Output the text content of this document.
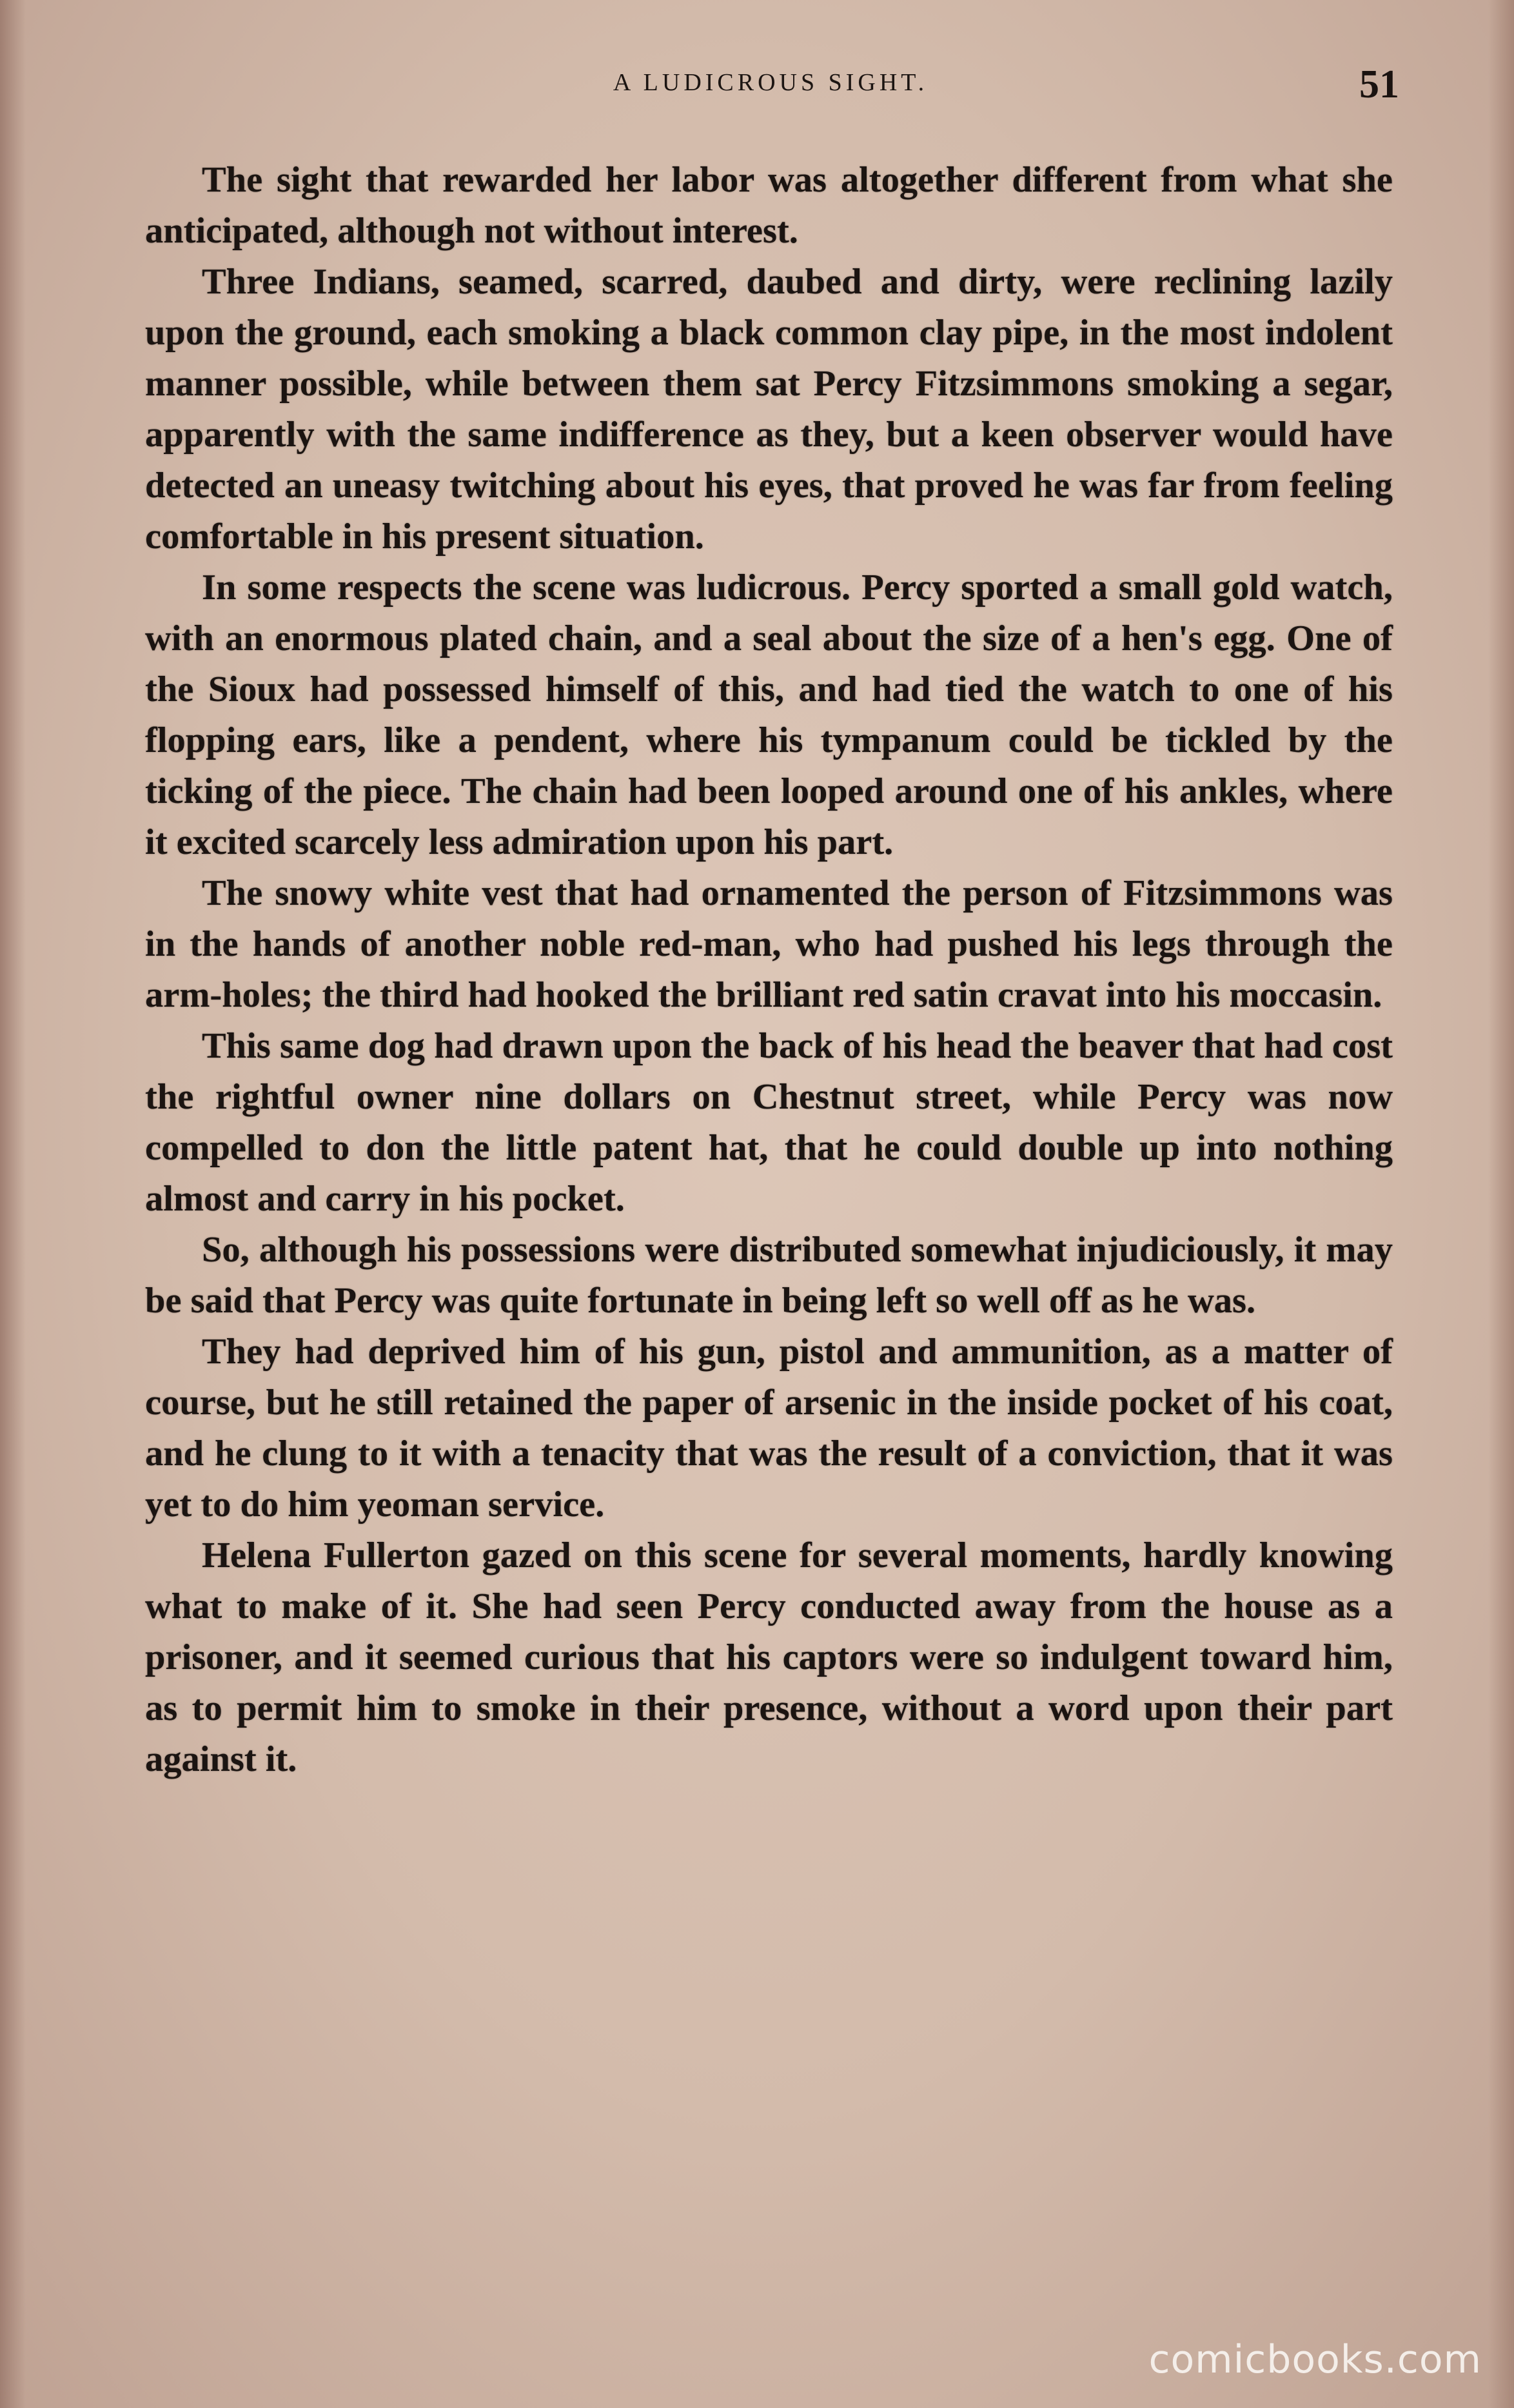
A LUDICROUS SIGHT.	51

The sight that rewarded her labor was altogether different from what she anticipated, although not without interest.

Three Indians, seamed, scarred, daubed and dirty, were reclining lazily upon the ground, each smoking a black common clay pipe, in the most indolent manner possible, while between them sat Percy Fitzsimmons smoking a segar, apparently with the same indifference as they, but a keen observer would have detected an uneasy twitching about his eyes, that proved he was far from feeling comfortable in his present situation.

In some respects the scene was ludicrous. Percy sported a small gold watch, with an enormous plated chain, and a seal about the size of a hen's egg. One of the Sioux had possessed himself of this, and had tied the watch to one of his flopping ears, like a pendent, where his tympanum could be tickled by the ticking of the piece. The chain had been looped around one of his ankles, where it excited scarcely less admiration upon his part.

The snowy white vest that had ornamented the person of Fitzsimmons was in the hands of another noble red-man, who had pushed his legs through the arm-holes; the third had hooked the brilliant red satin cravat into his moccasin.

This same dog had drawn upon the back of his head the beaver that had cost the rightful owner nine dollars on Chestnut street, while Percy was now compelled to don the little patent hat, that he could double up into nothing almost and carry in his pocket.

So, although his possessions were distributed somewhat injudiciously, it may be said that Percy was quite fortunate in being left so well off as he was.

They had deprived him of his gun, pistol and ammunition, as a matter of course, but he still retained the paper of arsenic in the inside pocket of his coat, and he clung to it with a tenacity that was the result of a conviction, that it was yet to do him yeoman service.

Helena Fullerton gazed on this scene for several moments, hardly knowing what to make of it. She had seen Percy conducted away from the house as a prisoner, and it seemed curious that his captors were so indulgent toward him, as to permit him to smoke in their presence, without a word upon their part against it.

comicbooks.com
